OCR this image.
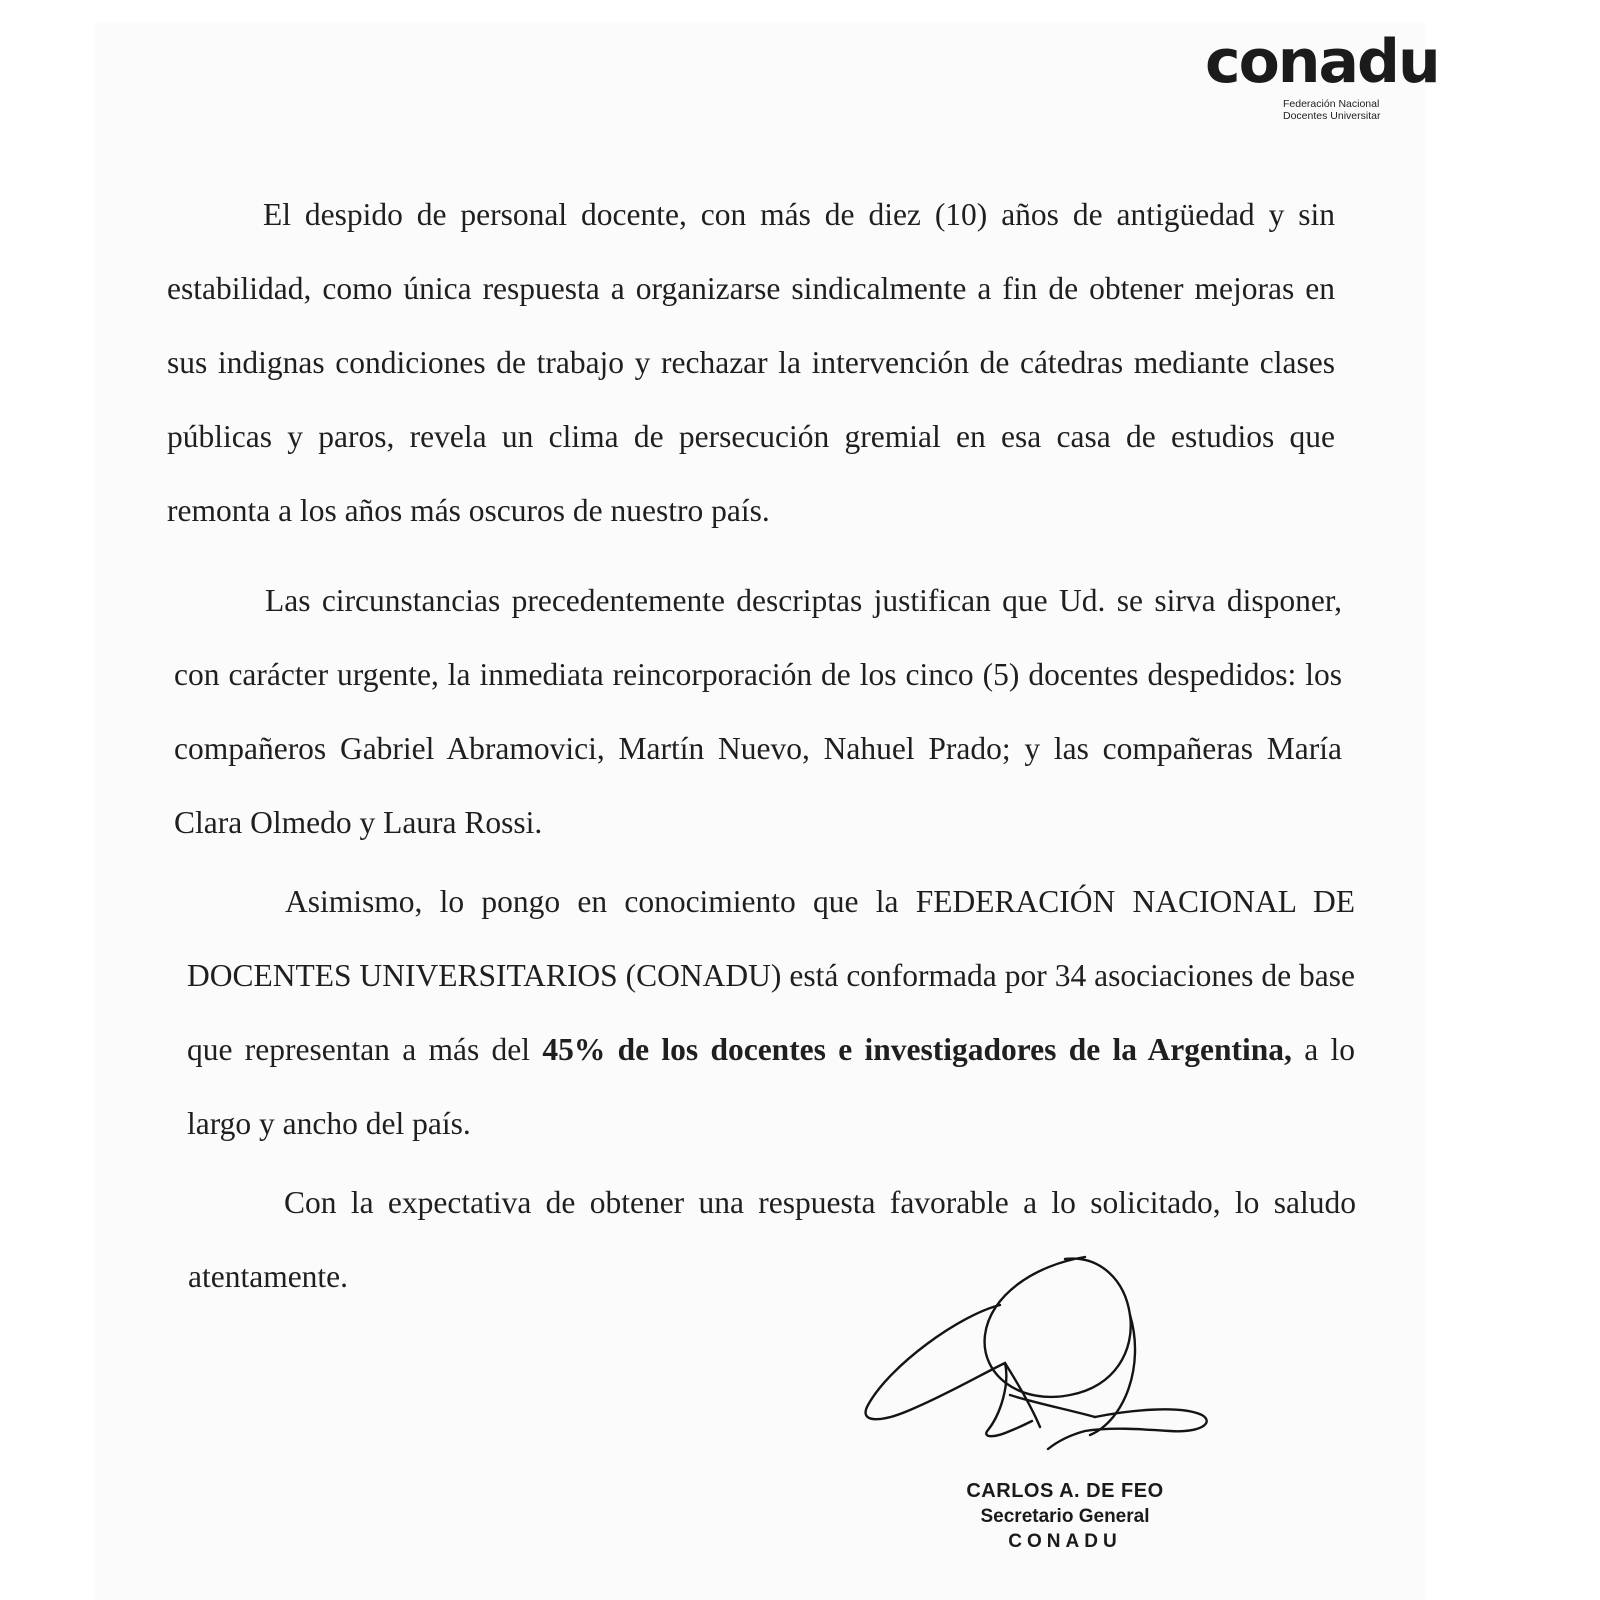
conadu
Federación Nacional
Docentes Universitar

El despido de personal docente, con más de diez (10) años de antigüedad y sin estabilidad, como única respuesta a organizarse sindicalmente a fin de obtener mejoras en sus indignas condiciones de trabajo y rechazar la intervención de cátedras mediante clases públicas y paros, revela un clima de persecución gremial en esa casa de estudios que remonta a los años más oscuros de nuestro país.

Las circunstancias precedentemente descriptas justifican que Ud. se sirva disponer, con carácter urgente, la inmediata reincorporación de los cinco (5) docentes despedidos: los compañeros Gabriel Abramovici, Martín Nuevo, Nahuel Prado; y las compañeras María Clara Olmedo y Laura Rossi.

Asimismo, lo pongo en conocimiento que la FEDERACIÓN NACIONAL DE DOCENTES UNIVERSITARIOS (CONADU) está conformada por 34 asociaciones de base que representan a más del 45% de los docentes e investigadores de la Argentina, a lo largo y ancho del país.

Con la expectativa de obtener una respuesta favorable a lo solicitado, lo saludo atentamente.

CARLOS A. DE FEO
Secretario General
CONADU
